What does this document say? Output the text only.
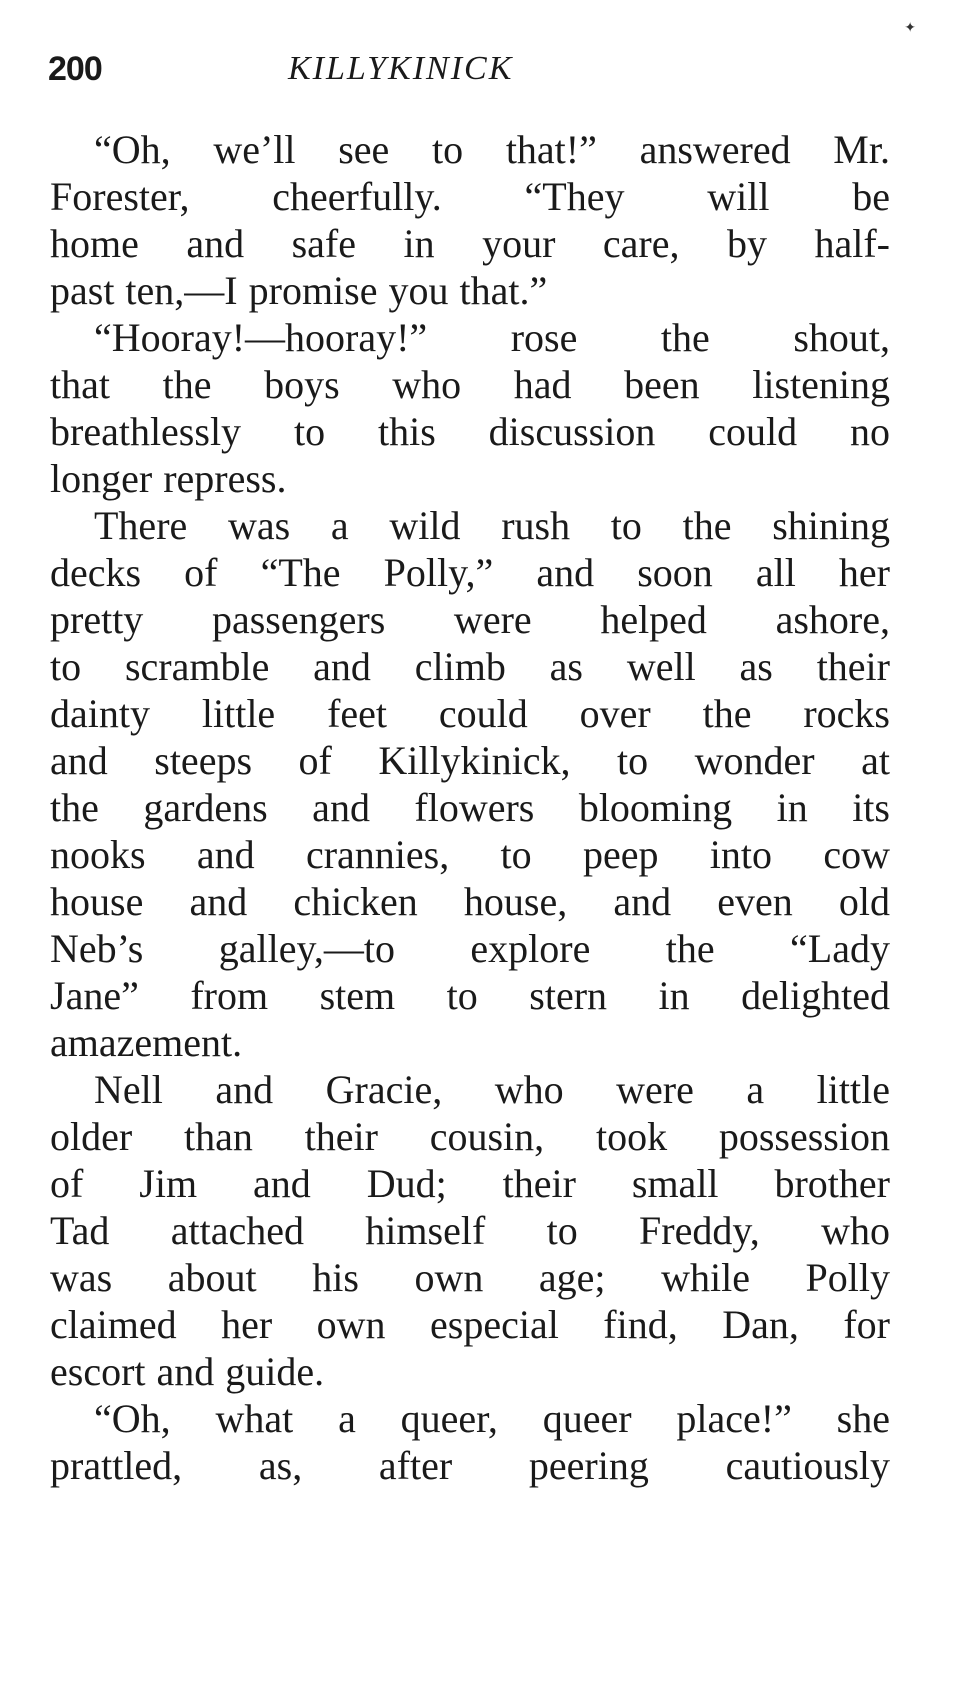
✦
200	KILLYKINICK
“Oh, we’ll see to that!” answered Mr.
Forester, cheerfully. “They will be
home and safe in your care, by half-
past ten,—I promise you that.”
“Hooray!—hooray!” rose the shout,
that the boys who had been listening
breathlessly to this discussion could no
longer repress.
There was a wild rush to the shining
decks of “The Polly,” and soon all her
pretty passengers were helped ashore,
to scramble and climb as well as their
dainty little feet could over the rocks
and steeps of Killykinick, to wonder at
the gardens and flowers blooming in its
nooks and crannies, to peep into cow
house and chicken house, and even old
Neb’s galley,—to explore the “Lady
Jane” from stem to stern in delighted
amazement.
Nell and Gracie, who were a little
older than their cousin, took possession
of Jim and Dud; their small brother
Tad attached himself to Freddy, who
was about his own age; while Polly
claimed her own especial find, Dan, for
escort and guide.
“Oh, what a queer, queer place!” she
prattled, as, after peering cautiously
